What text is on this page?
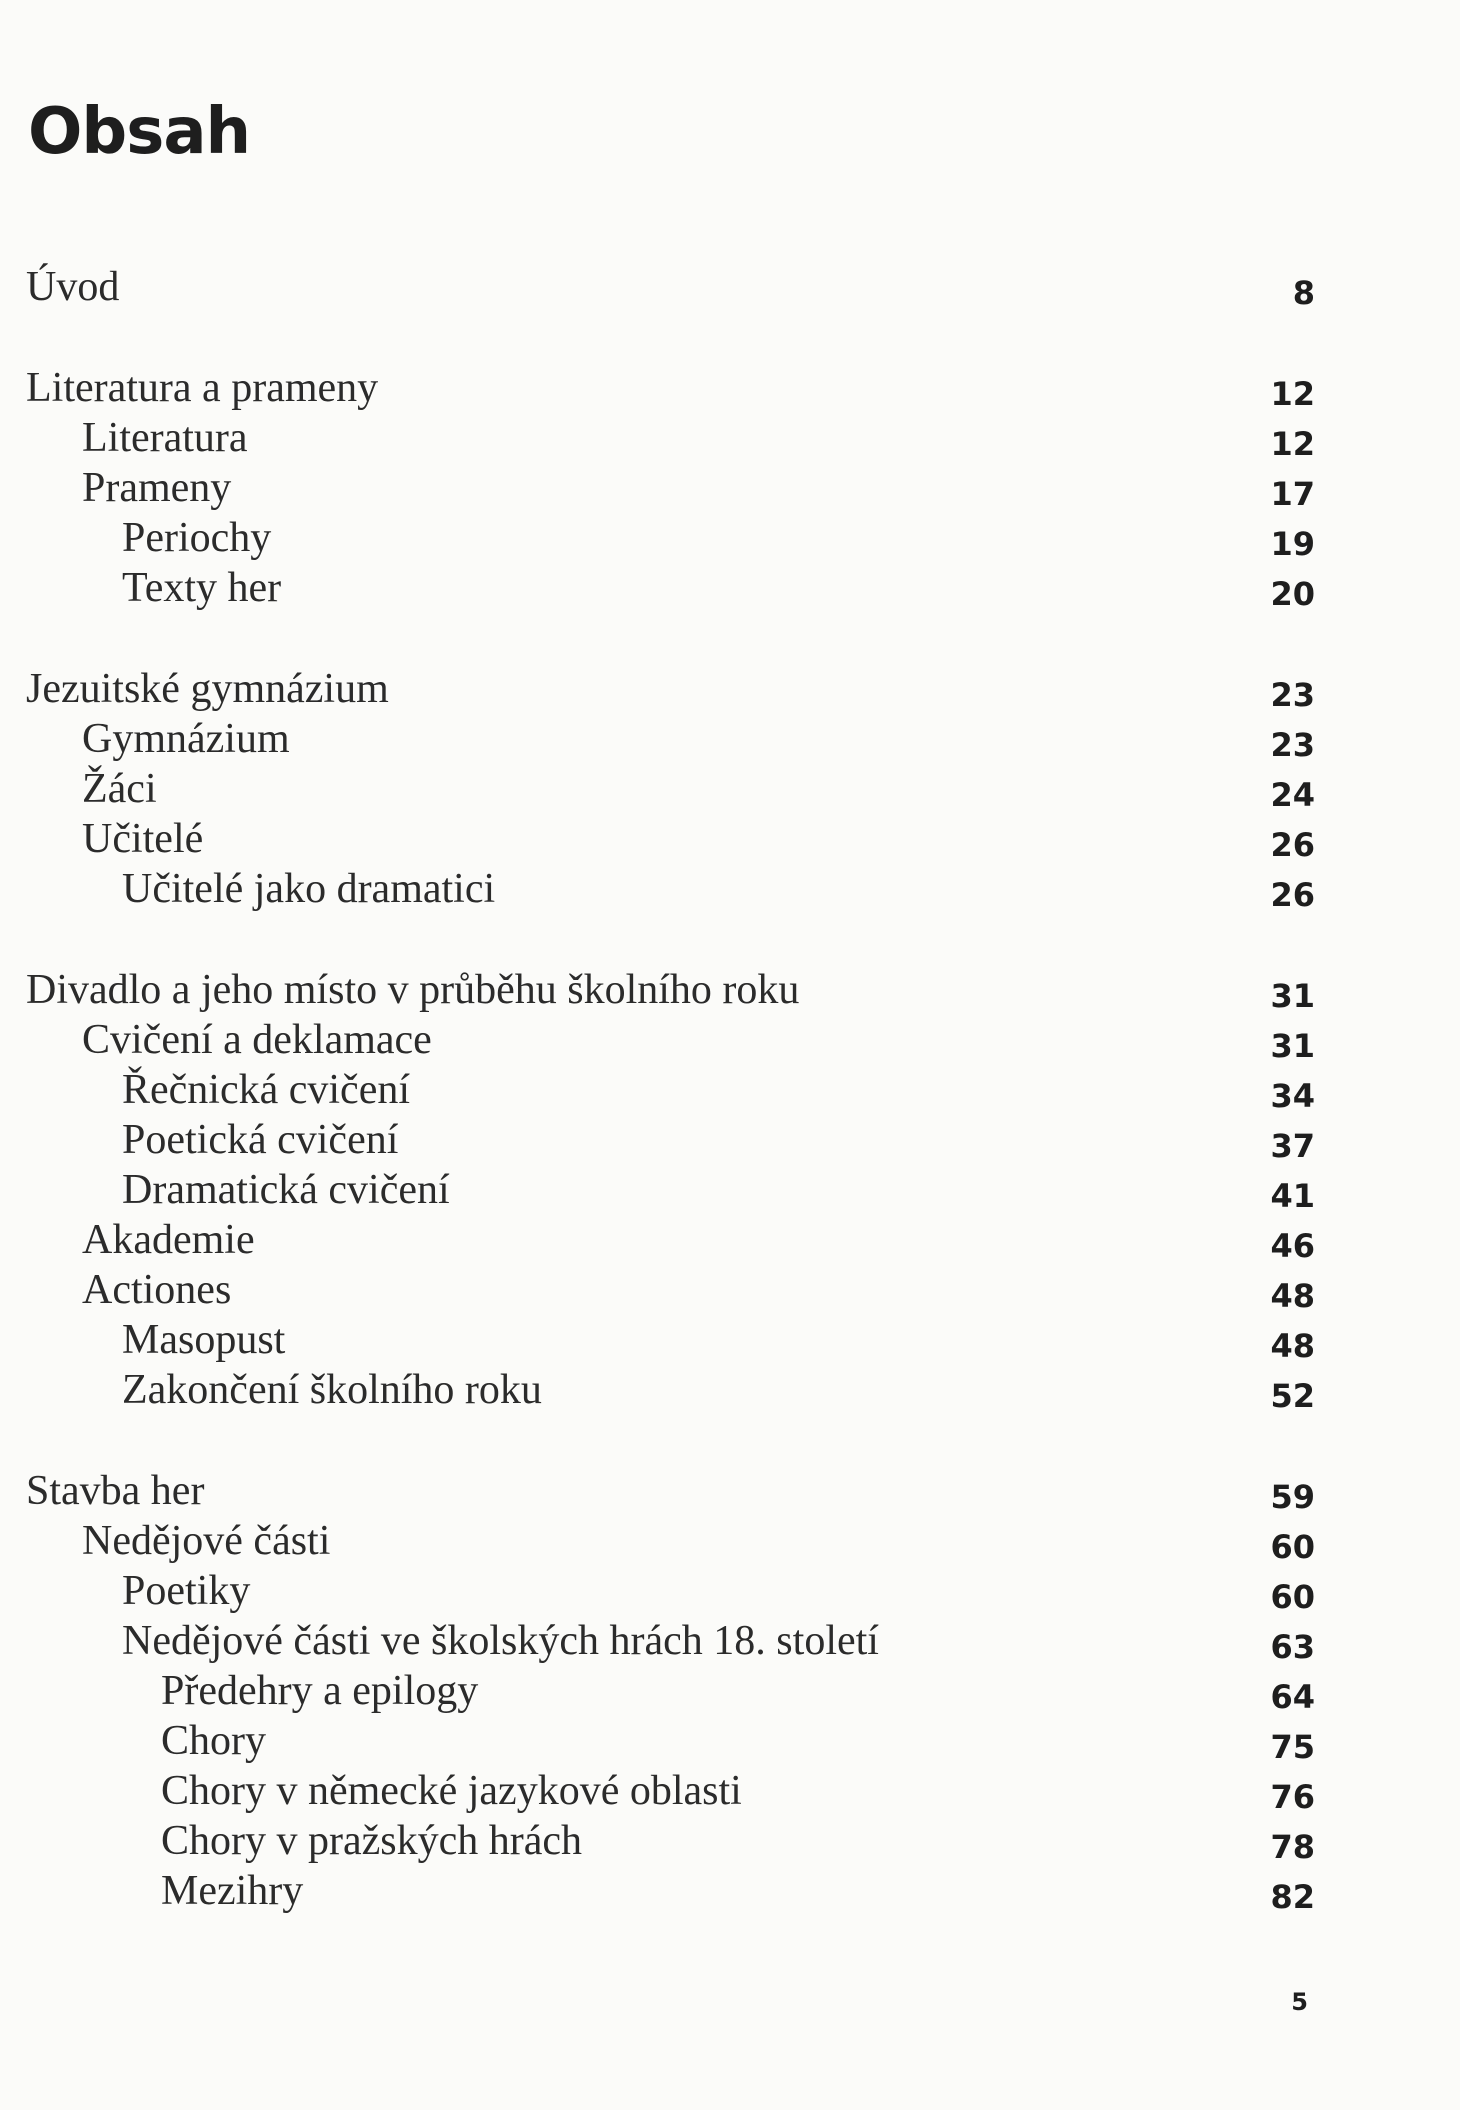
Obsah
Úvod	8
Literatura a prameny	12
Literatura	12
Prameny	17
Periochy	19
Texty her	20
Jezuitské gymnázium	23
Gymnázium	23
Žáci	24
Učitelé	26
Učitelé jako dramatici	26
Divadlo a jeho místo v průběhu školního roku	31
Cvičení a deklamace	31
Řečnická cvičení	34
Poetická cvičení	37
Dramatická cvičení	41
Akademie	46
Actiones	48
Masopust	48
Zakončení školního roku	52
Stavba her	59
Nedějové části	60
Poetiky	60
Nedějové části ve školských hrách 18. století	63
Předehry a epilogy	64
Chory	75
Chory v německé jazykové oblasti	76
Chory v pražských hrách	78
Mezihry	82
5
